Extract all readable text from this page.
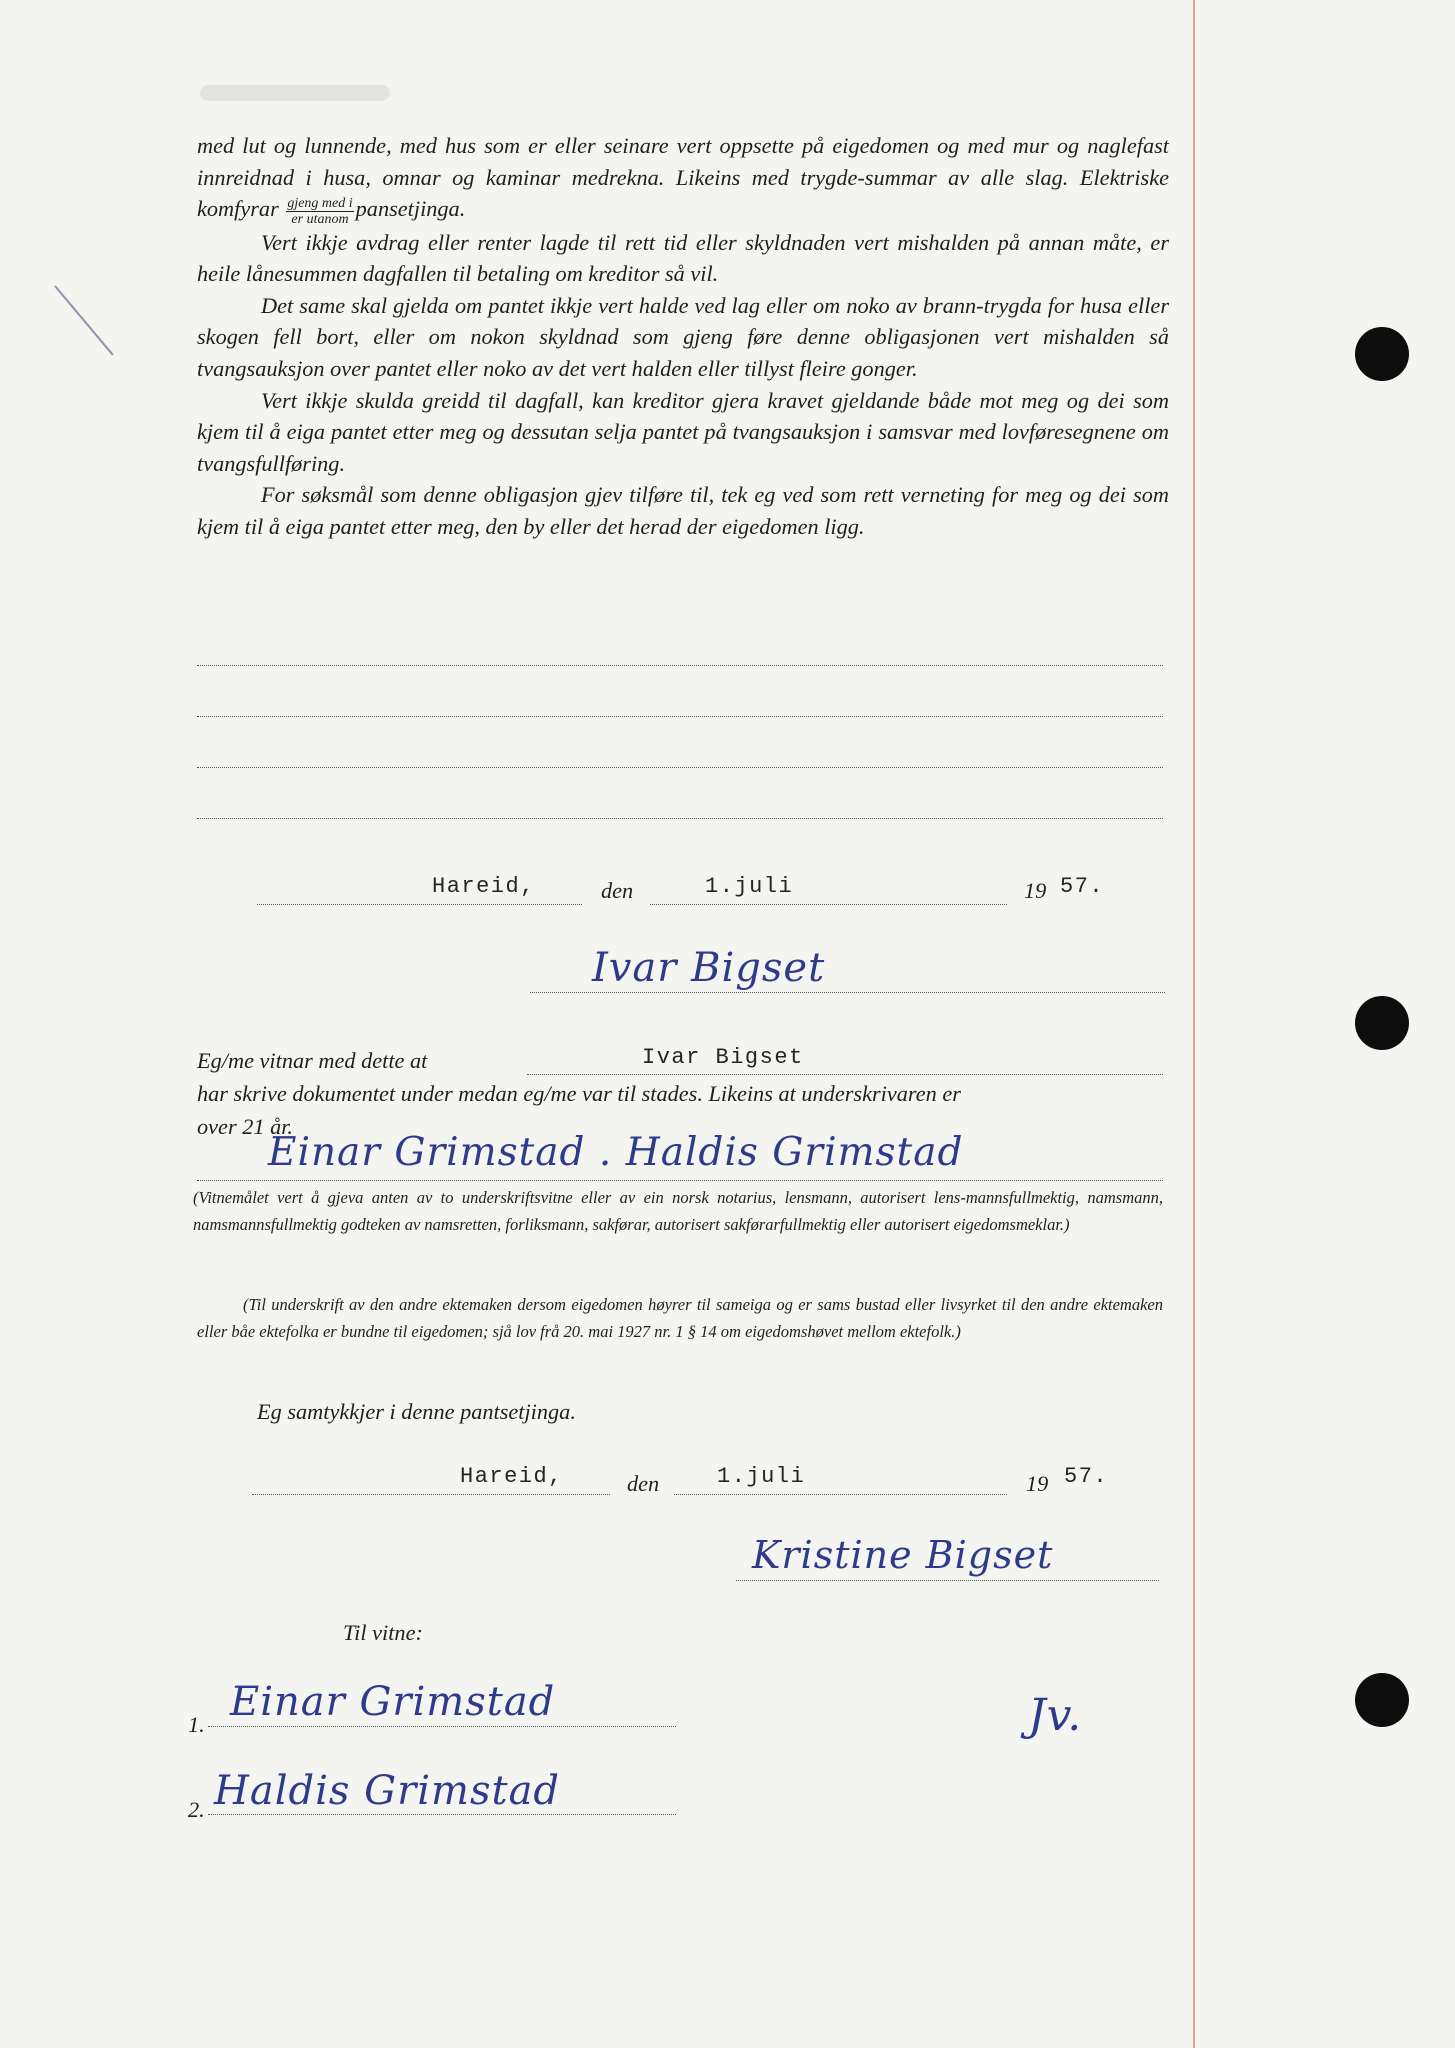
med lut og lunnende, med hus som er eller seinare vert oppsette på eigedomen og med mur og naglefast innreidnad i husa, omnar og kaminar medrekna. Likeins med trygde-summar av alle slag. Elektriske komfyrar $\frac{\text{gjeng med i}}{\text{er utanom}}$ pansetjinga.

Vert ikkje avdrag eller renter lagde til rett tid eller skyldnaden vert mishalden på annan måte, er heile lånesummen dagfallen til betaling om kreditor så vil.

Det same skal gjelda om pantet ikkje vert halde ved lag eller om noko av brann-trygda for husa eller skogen fell bort, eller om nokon skyldnad som gjeng føre denne obligasjonen vert mishalden så tvangsauksjon over pantet eller noko av det vert halden eller tillyst fleire gonger.

Vert ikkje skulda greidd til dagfall, kan kreditor gjera kravet gjeldande både mot meg og dei som kjem til å eiga pantet etter meg og dessutan selja pantet på tvangsauksjon i samsvar med lovføresegnene om tvangsfullføring.

For søksmål som denne obligasjon gjev tilføre til, tek eg ved som rett verneting for meg og dei som kjem til å eiga pantet etter meg, den by eller det herad der eigedomen ligg.

Hareid,	den	1.juli	19 57.
Ivar Bigset
Eg/me vitnar med dette at	Ivar Bigset
har skrive dokumentet under medan eg/me var til stades. Likeins at underskrivaren er
over 21 år.
Einar Grimstad . Haldis Grimstad

(Vitnemålet vert å gjeva anten av to underskriftsvitne eller av ein norsk notarius, lensmann, autorisert lens-mannsfullmektig, namsmann, namsmannsfullmektig godteken av namsretten, forliksmann, sakførar, autorisert sakførarfullmektig eller autorisert eigedomsmeklar.)

(Til underskrift av den andre ektemaken dersom eigedomen høyrer til sameiga og er sams bustad eller livsyrket til den andre ektemaken eller båe ektefolka er bundne til eigedomen; sjå lov frå 20. mai 1927 nr. 1 § 14 om eigedomshøvet mellom ektefolk.)

Eg samtykkjer i denne pantsetjinga.
Hareid,	den	1.juli	19 57.
Kristine Bigset
Til vitne:
1. Einar Grimstad
2. Haldis Grimstad
Jv.
